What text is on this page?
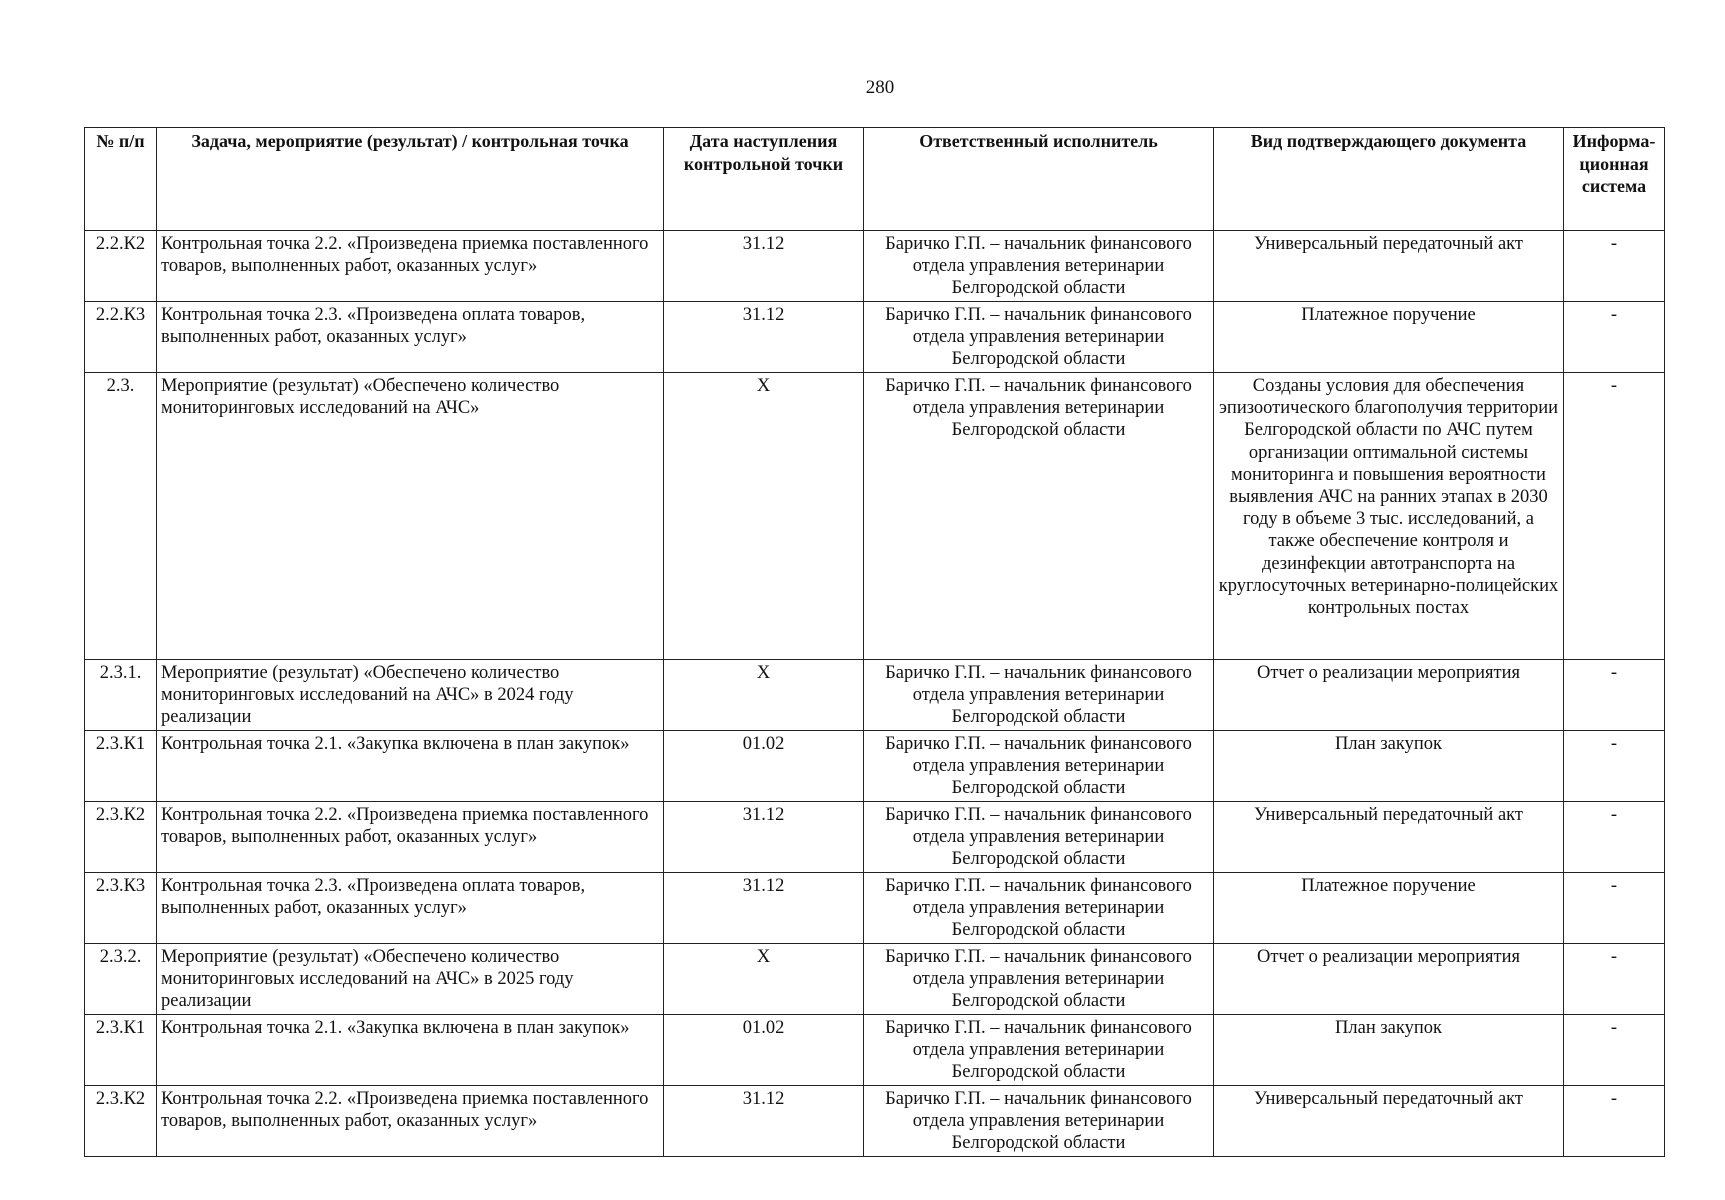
280
№ п/п	Задача, мероприятие (результат) / контрольная точка	Дата наступления контрольной точки	Ответственный исполнитель	Вид подтверждающего документа	Информа-ционная система
2.2.К2	Контрольная точка 2.2. «Произведена приемка поставленного товаров, выполненных работ, оказанных услуг»	31.12	Баричко Г.П. – начальник финансового отдела управления ветеринарии Белгородской области	Универсальный передаточный акт	-
2.2.К3	Контрольная точка 2.3. «Произведена оплата товаров, выполненных работ, оказанных услуг»	31.12	Баричко Г.П. – начальник финансового отдела управления ветеринарии Белгородской области	Платежное поручение	-
2.3.	Мероприятие (результат) «Обеспечено количество мониторинговых исследований на АЧС»	X	Баричко Г.П. – начальник финансового отдела управления ветеринарии Белгородской области	Созданы условия для обеспечения эпизоотического благополучия территории Белгородской области по АЧС путем организации оптимальной системы мониторинга и повышения вероятности выявления АЧС на ранних этапах в 2030 году в объеме 3 тыс. исследований, а также обеспечение контроля и дезинфекции автотранспорта на круглосуточных ветеринарно-полицейских контрольных постах	-
2.3.1.	Мероприятие (результат) «Обеспечено количество мониторинговых исследований на АЧС» в 2024 году реализации	X	Баричко Г.П. – начальник финансового отдела управления ветеринарии Белгородской области	Отчет о реализации мероприятия	-
2.3.К1	Контрольная точка 2.1. «Закупка включена в план закупок»	01.02	Баричко Г.П. – начальник финансового отдела управления ветеринарии Белгородской области	План закупок	-
2.3.К2	Контрольная точка 2.2. «Произведена приемка поставленного товаров, выполненных работ, оказанных услуг»	31.12	Баричко Г.П. – начальник финансового отдела управления ветеринарии Белгородской области	Универсальный передаточный акт	-
2.3.К3	Контрольная точка 2.3. «Произведена оплата товаров, выполненных работ, оказанных услуг»	31.12	Баричко Г.П. – начальник финансового отдела управления ветеринарии Белгородской области	Платежное поручение	-
2.3.2.	Мероприятие (результат) «Обеспечено количество мониторинговых исследований на АЧС» в 2025 году реализации	X	Баричко Г.П. – начальник финансового отдела управления ветеринарии Белгородской области	Отчет о реализации мероприятия	-
2.3.К1	Контрольная точка 2.1. «Закупка включена в план закупок»	01.02	Баричко Г.П. – начальник финансового отдела управления ветеринарии Белгородской области	План закупок	-
2.3.К2	Контрольная точка 2.2. «Произведена приемка поставленного товаров, выполненных работ, оказанных услуг»	31.12	Баричко Г.П. – начальник финансового отдела управления ветеринарии Белгородской области	Универсальный передаточный акт	-
